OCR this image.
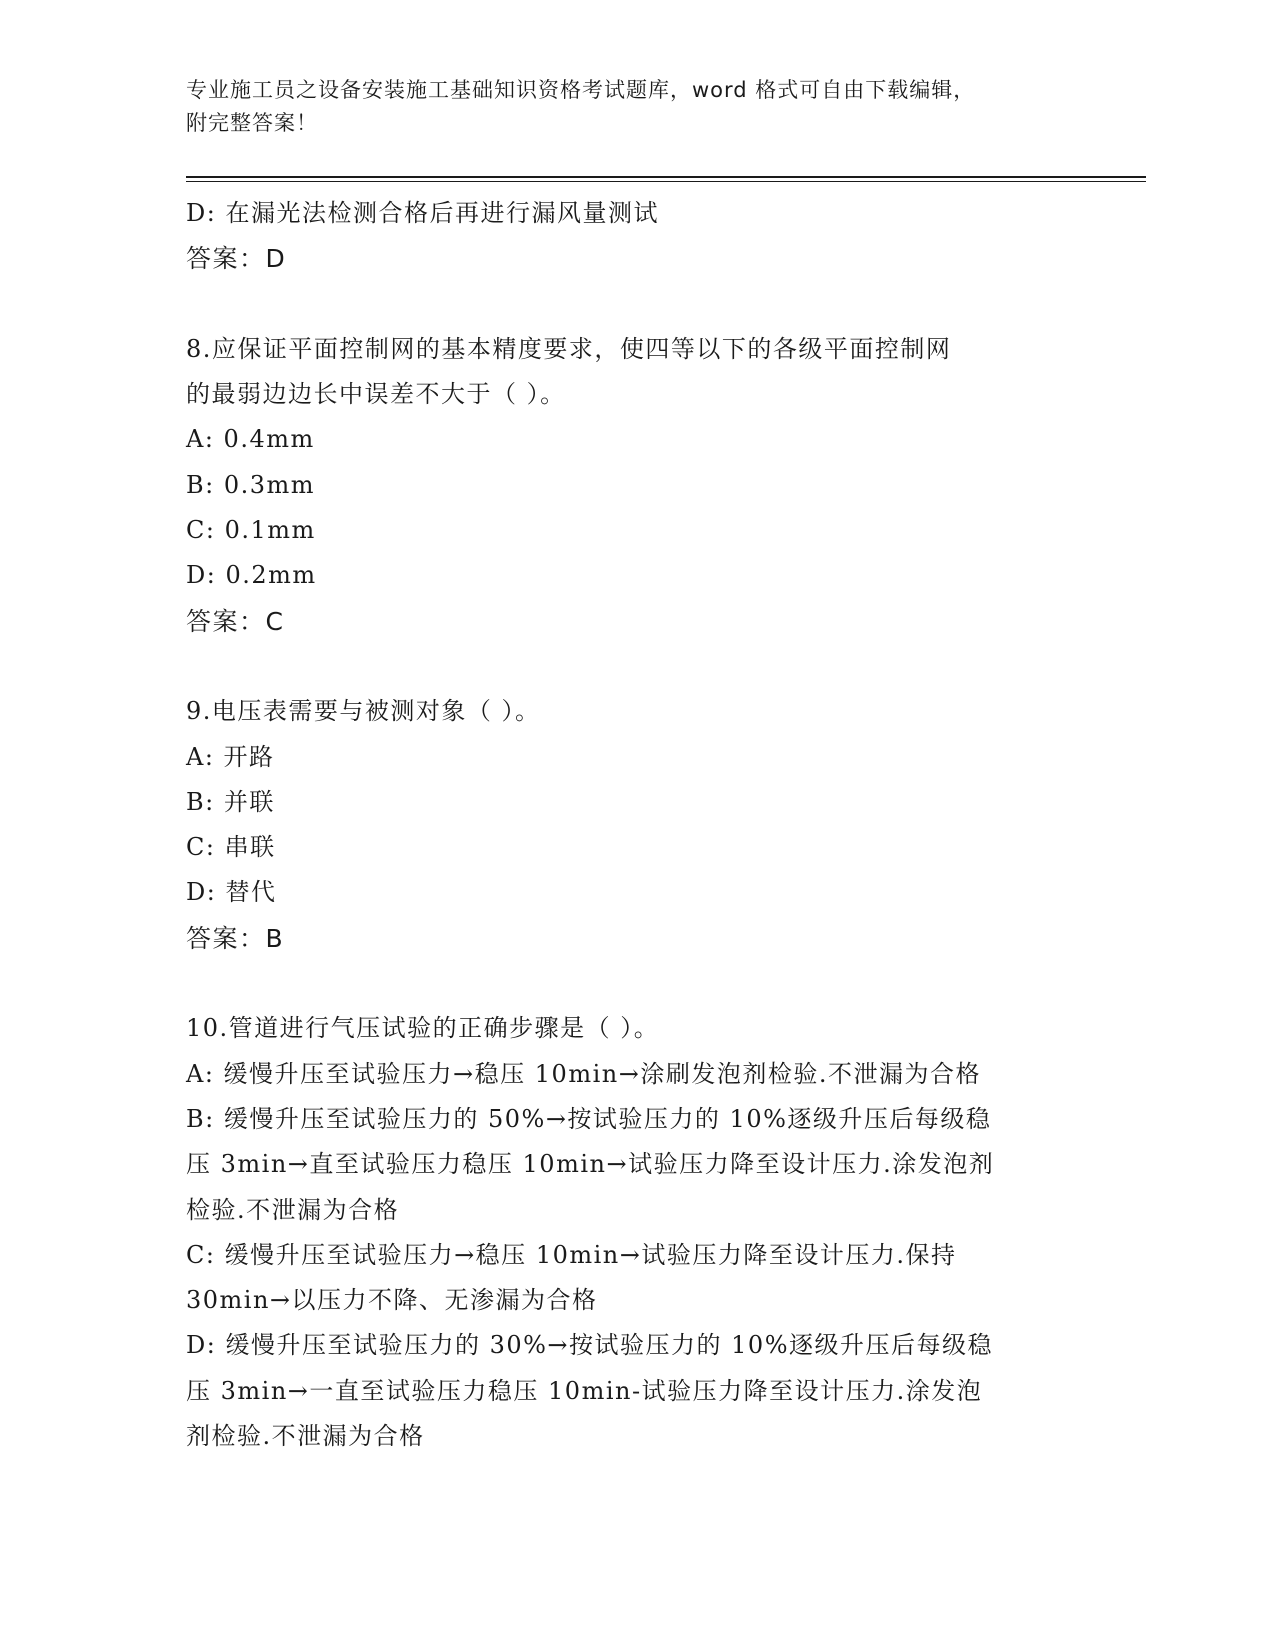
专业施工员之设备安装施工基础知识资格考试题库，word 格式可自由下载编辑，
附完整答案！
D: 在漏光法检测合格后再进行漏风量测试
答案：D
8.应保证平面控制网的基本精度要求，使四等以下的各级平面控制网
的最弱边边长中误差不大于（ ）。
A: 0.4mm
B: 0.3mm
C: 0.1mm
D: 0.2mm
答案：C
9.电压表需要与被测对象（ ）。
A: 开路
B: 并联
C: 串联
D: 替代
答案：B
10.管道进行气压试验的正确步骤是（ ）。
A: 缓慢升压至试验压力→稳压 10min→涂刷发泡剂检验.不泄漏为合格
B: 缓慢升压至试验压力的 50%→按试验压力的 10%逐级升压后每级稳
压 3min→直至试验压力稳压 10min→试验压力降至设计压力.涂发泡剂
检验.不泄漏为合格
C: 缓慢升压至试验压力→稳压 10min→试验压力降至设计压力.保持
30min→以压力不降、无渗漏为合格
D: 缓慢升压至试验压力的 30%→按试验压力的 10%逐级升压后每级稳
压 3min→一直至试验压力稳压 10min-试验压力降至设计压力.涂发泡
剂检验.不泄漏为合格
